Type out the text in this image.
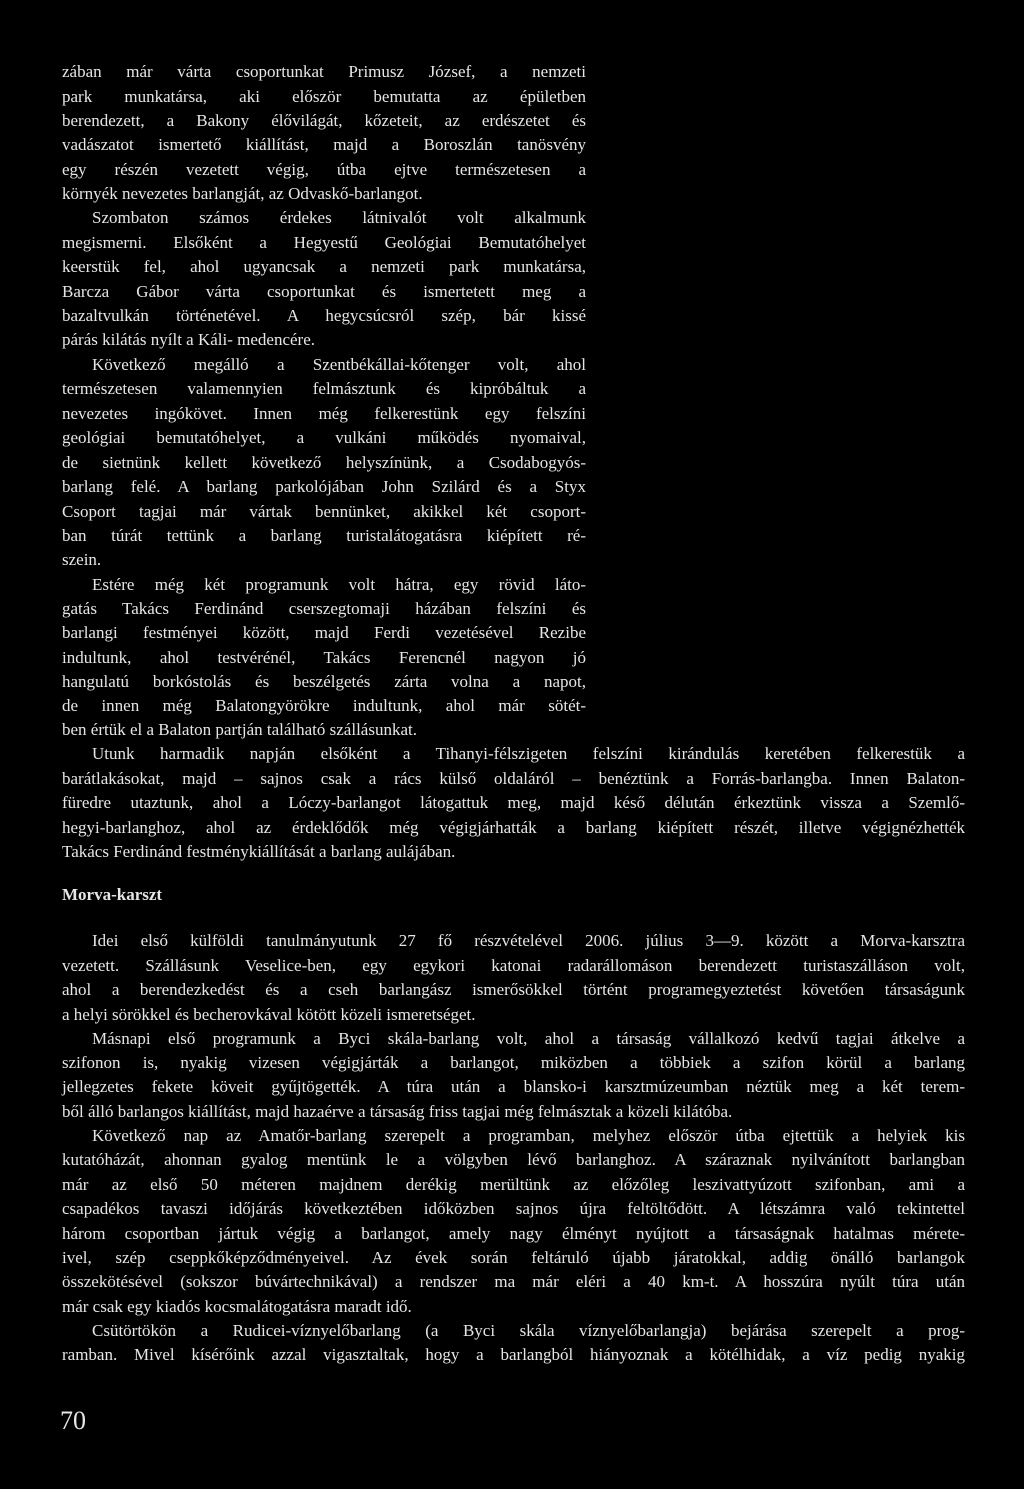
zában már várta csoportunkat Primusz József, a nemzeti
park munkatársa, aki először bemutatta az épületben
berendezett, a Bakony élővilágát, kőzeteit, az erdészetet és
vadászatot ismertető kiállítást, majd a Boroszlán tanösvény
egy részén vezetett végig, útba ejtve természetesen a
környék nevezetes barlangját, az Odvaskő-barlangot.
Szombaton számos érdekes látnivalót volt alkalmunk
megismerni. Elsőként a Hegyestű Geológiai Bemutatóhelyet
keerstük fel, ahol ugyancsak a nemzeti park munkatársa,
Barcza Gábor várta csoportunkat és ismertetett meg a
bazaltvulkán történetével. A hegycsúcsról szép, bár kissé
párás kilátás nyílt a Káli- medencére.
Következő megálló a Szentbékállai-kőtenger volt, ahol
természetesen valamennyien felmásztunk és kipróbáltuk a
nevezetes ingókövet. Innen még felkerestünk egy felszíni
geológiai bemutatóhelyet, a vulkáni működés nyomaival,
de sietnünk kellett következő helyszínünk, a Csodabogyós-
barlang felé. A barlang parkolójában John Szilárd és a Styx
Csoport tagjai már vártak bennünket, akikkel két csoport-
ban túrát tettünk a barlang turistalátogatásra kiépített ré-
szein.
Estére még két programunk volt hátra, egy rövid láto-
gatás Takács Ferdinánd cserszegtomaji házában felszíni és
barlangi festményei között, majd Ferdi vezetésével Rezibe
indultunk, ahol testvérénél, Takács Ferencnél nagyon jó
hangulatú borkóstolás és beszélgetés zárta volna a napot,
de innen még Balatongyörökre indultunk, ahol már sötét-
ben értük el a Balaton partján található szállásunkat.
Utunk harmadik napján elsőként a Tihanyi-félszigeten felszíni kirándulás keretében felkerestük a
barátlakásokat, majd – sajnos csak a rács külső oldaláról – benéztünk a Forrás-barlangba. Innen Balaton-
füredre utaztunk, ahol a Lóczy-barlangot látogattuk meg, majd késő délután érkeztünk vissza a Szemlő-
hegyi-barlanghoz, ahol az érdeklődők még végigjárhatták a barlang kiépített részét, illetve végignézhették
Takács Ferdinánd festménykiállítását a barlang aulájában.
Morva-karszt
Idei első külföldi tanulmányutunk 27 fő részvételével 2006. július 3—9. között a Morva-karsztra
vezetett. Szállásunk Veselice-ben, egy egykori katonai radarállomáson berendezett turistaszálláson volt,
ahol a berendezkedést és a cseh barlangász ismerősökkel történt programegyeztetést követően társaságunk
a helyi sörökkel és becherovkával kötött közeli ismeretséget.
Másnapi első programunk a Byci skála-barlang volt, ahol a társaság vállalkozó kedvű tagjai átkelve a
szifonon is, nyakig vizesen végigjárták a barlangot, miközben a többiek a szifon körül a barlang
jellegzetes fekete köveit gyűjtögették. A túra után a blansko-i karsztmúzeumban néztük meg a két terem-
ből álló barlangos kiállítást, majd hazaérve a társaság friss tagjai még felmásztak a közeli kilátóba.
Következő nap az Amatőr-barlang szerepelt a programban, melyhez először útba ejtettük a helyiek kis
kutatóházát, ahonnan gyalog mentünk le a völgyben lévő barlanghoz. A száraznak nyilvánított barlangban
már az első 50 méteren majdnem derékig merültünk az előzőleg leszivattyúzott szifonban, ami a
csapadékos tavaszi időjárás következtében időközben sajnos újra feltöltődött. A létszámra való tekintettel
három csoportban jártuk végig a barlangot, amely nagy élményt nyújtott a társaságnak hatalmas mérete-
ivel, szép cseppkőképződményeivel. Az évek során feltáruló újabb járatokkal, addig önálló barlangok
összekötésével (sokszor búvártechnikával) a rendszer ma már eléri a 40 km-t. A hosszúra nyúlt túra után
már csak egy kiadós kocsmalátogatásra maradt idő.
Csütörtökön a Rudicei-víznyelőbarlang (a Byci skála víznyelőbarlangja) bejárása szerepelt a prog-
ramban. Mivel kísérőink azzal vigasztaltak, hogy a barlangból hiányoznak a kötélhidak, a víz pedig nyakig
70
